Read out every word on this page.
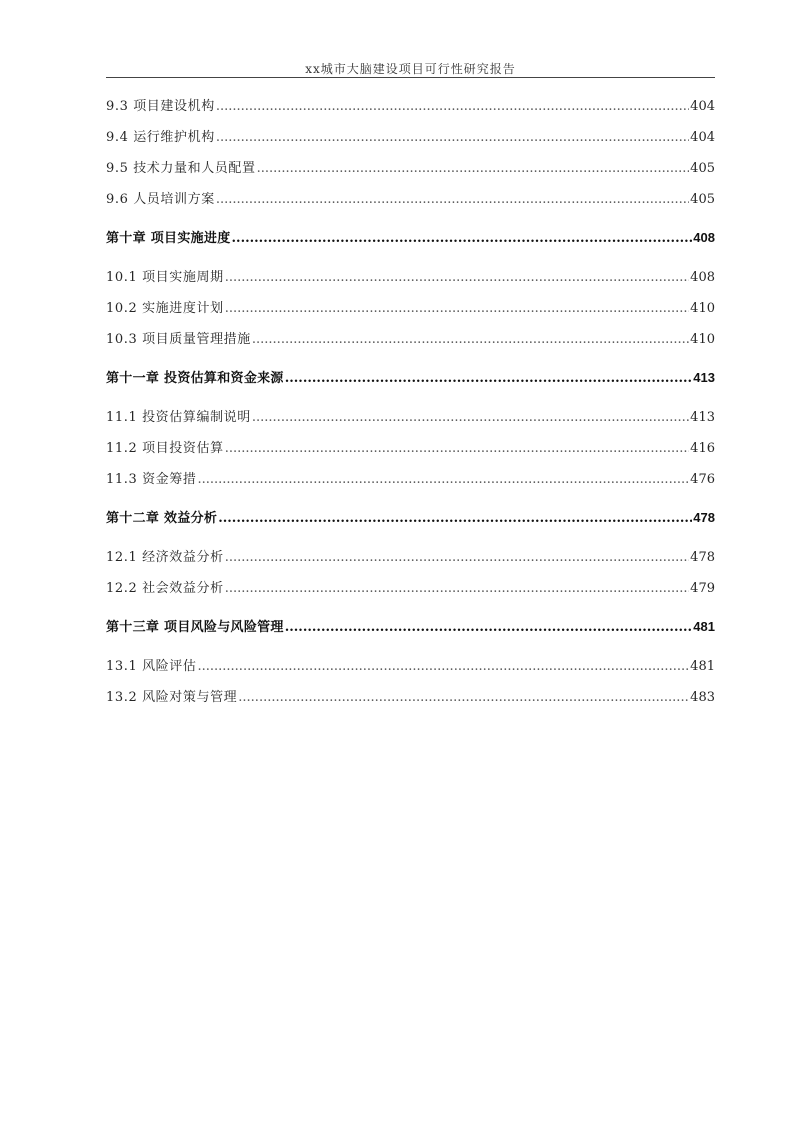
xx城市大脑建设项目可行性研究报告
9.3 项目建设机构 .....	404
9.4 运行维护机构 .....	404
9.5 技术力量和人员配置 .....	405
9.6 人员培训方案 .....	405
第十章 项目实施进度 .....	408
10.1 项目实施周期 .....	408
10.2 实施进度计划 .....	410
10.3 项目质量管理措施 .....	410
第十一章 投资估算和资金来源 .....	413
11.1 投资估算编制说明 .....	413
11.2 项目投资估算 .....	416
11.3 资金筹措 .....	476
第十二章 效益分析 .....	478
12.1 经济效益分析 .....	478
12.2 社会效益分析 .....	479
第十三章 项目风险与风险管理 .....	481
13.1 风险评估 .....	481
13.2 风险对策与管理 .....	483
